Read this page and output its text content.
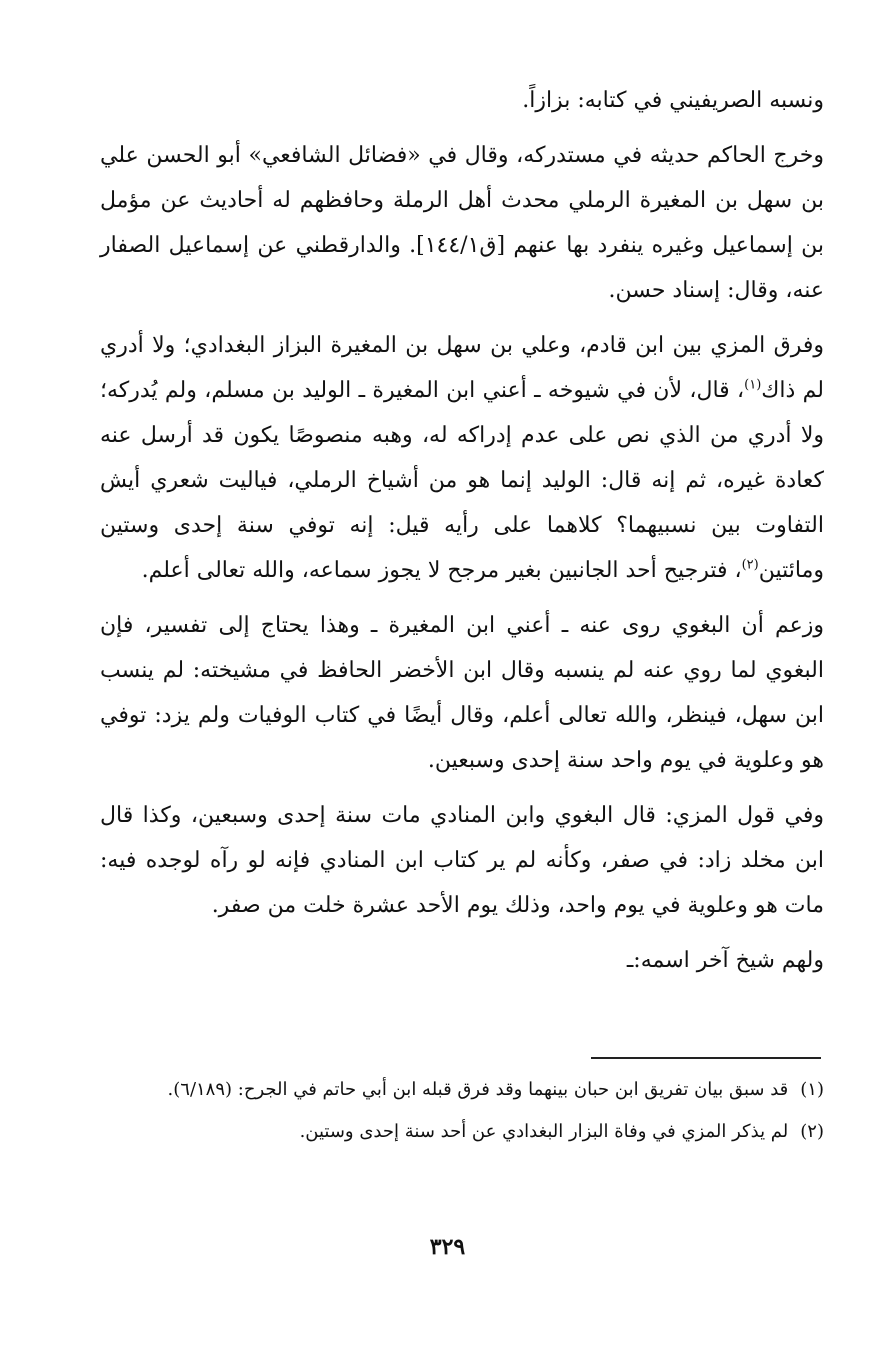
ونسبه الصريفيني في كتابه: بزازاً.

وخرج الحاكم حديثه في مستدركه، وقال في «فضائل الشافعي» أبو الحسن علي بن سهل بن المغيرة الرملي محدث أهل الرملة وحافظهم له أحاديث عن مؤمل بن إسماعيل وغيره ينفرد بها عنهم [ق١٤٤/١]. والدارقطني عن إسماعيل الصفار عنه، وقال: إسناد حسن.

وفرق المزي بين ابن قادم، وعلي بن سهل بن المغيرة البزاز البغدادي؛ ولا أدري لم ذاك$^{(١)}$، قال، لأن في شيوخه ـ أعني ابن المغيرة ـ الوليد بن مسلم، ولم يُدركه؛ ولا أدري من الذي نص على عدم إدراكه له، وهبه منصوصًا يكون قد أرسل عنه كعادة غيره، ثم إنه قال: الوليد إنما هو من أشياخ الرملي، فياليت شعري أيش التفاوت بين نسبيهما؟ كلاهما على رأيه قيل: إنه توفي سنة إحدى وستين ومائتين$^{(٢)}$، فترجيح أحد الجانبين بغير مرجح لا يجوز سماعه، والله تعالى أعلم.

وزعم أن البغوي روى عنه ـ أعني ابن المغيرة ـ وهذا يحتاج إلى تفسير، فإن البغوي لما روي عنه لم ينسبه وقال ابن الأخضر الحافظ في مشيخته: لم ينسب ابن سهل، فينظر، والله تعالى أعلم، وقال أيضًا في كتاب الوفيات ولم يزد: توفي هو وعلوية في يوم واحد سنة إحدى وسبعين.

وفي قول المزي: قال البغوي وابن المنادي مات سنة إحدى وسبعين، وكذا قال ابن مخلد زاد: في صفر، وكأنه لم ير كتاب ابن المنادي فإنه لو رآه لوجده فيه: مات هو وعلوية في يوم واحد، وذلك يوم الأحد عشرة خلت من صفر.

ولهم شيخ آخر اسمه:ـ

(١)
قد سبق بيان تفريق ابن حبان بينهما وقد فرق قبله ابن أبي حاتم في الجرح: (٦/١٨٩).
(٢)
لم يذكر المزي في وفاة البزار البغدادي عن أحد سنة إحدى وستين.
٣٢٩
